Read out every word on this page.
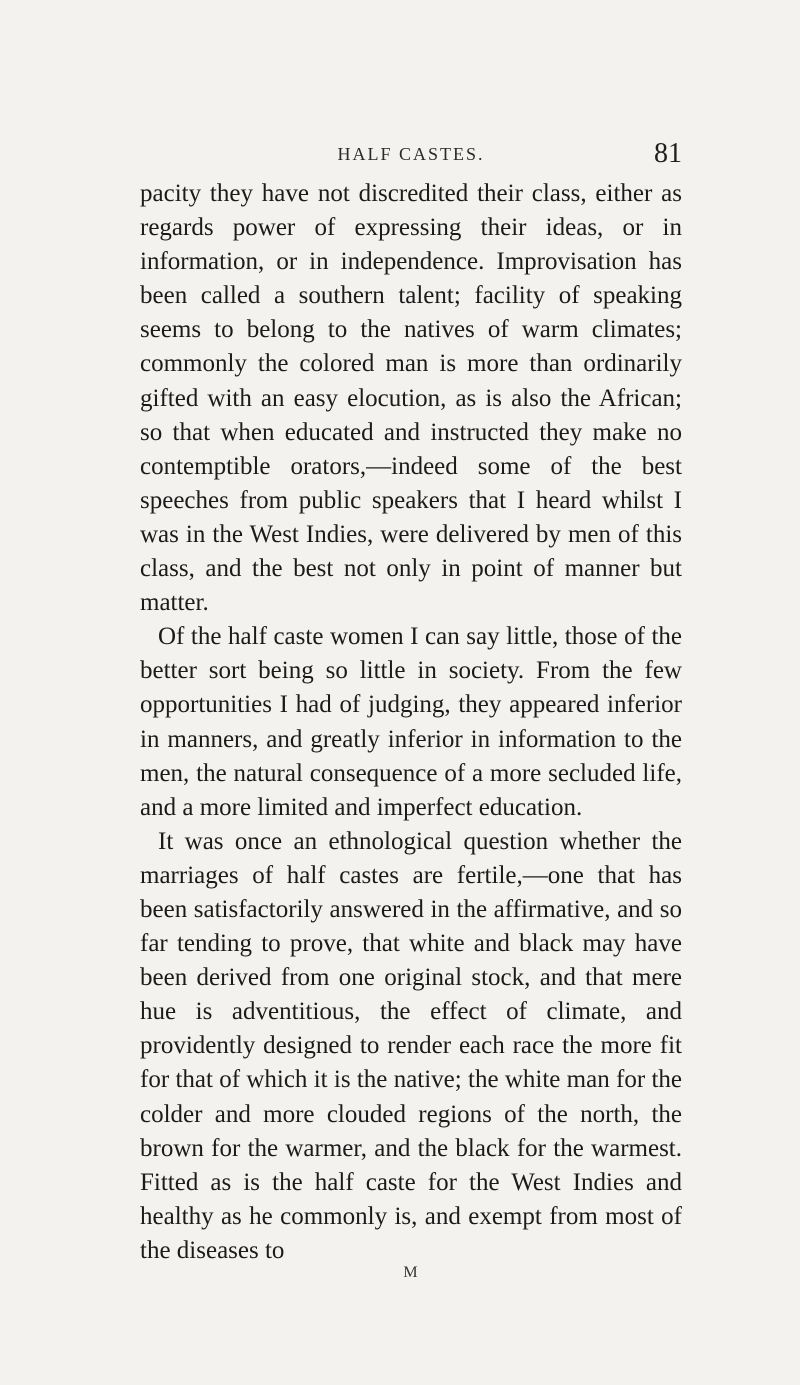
HALF CASTES.	81

pacity they have not discredited their class, either as regards power of expressing their ideas, or in information, or in independence. Improvisation has been called a southern talent; facility of speaking seems to belong to the natives of warm climates; commonly the colored man is more than ordinarily gifted with an easy elocution, as is also the African; so that when educated and instructed they make no contemptible orators,—indeed some of the best speeches from public speakers that I heard whilst I was in the West Indies, were delivered by men of this class, and the best not only in point of manner but matter.

Of the half caste women I can say little, those of the better sort being so little in society. From the few opportunities I had of judging, they appeared inferior in manners, and greatly inferior in information to the men, the natural consequence of a more secluded life, and a more limited and imperfect education.

It was once an ethnological question whether the marriages of half castes are fertile,—one that has been satisfactorily answered in the affirmative, and so far tending to prove, that white and black may have been derived from one original stock, and that mere hue is adventitious, the effect of climate, and providently designed to render each race the more fit for that of which it is the native; the white man for the colder and more clouded regions of the north, the brown for the warmer, and the black for the warmest. Fitted as is the half caste for the West Indies and healthy as he commonly is, and exempt from most of the diseases to

M
